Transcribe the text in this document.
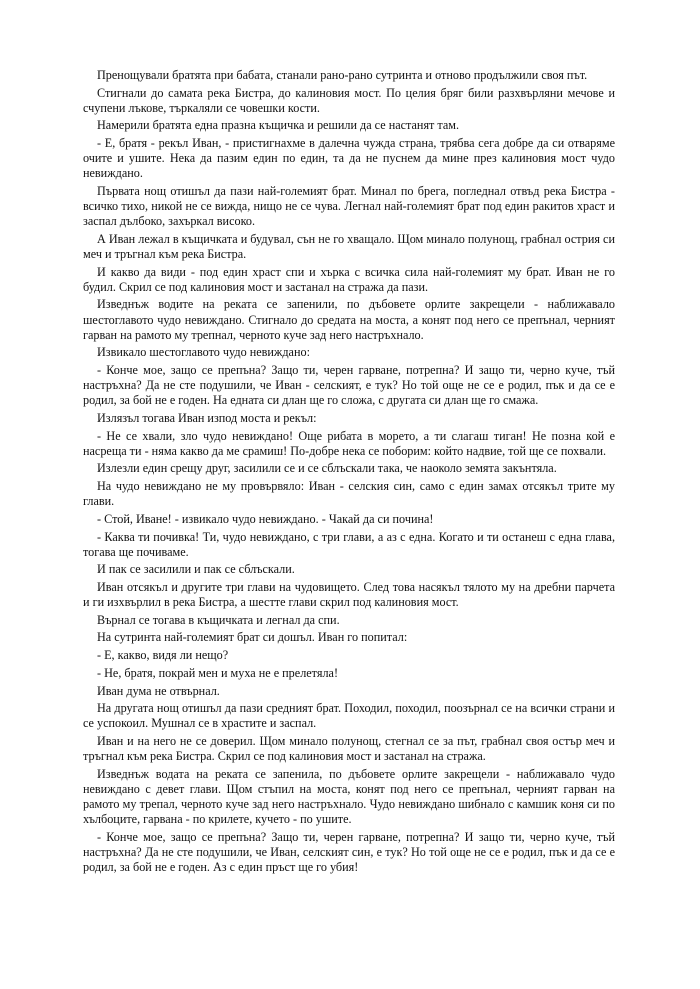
Пренощували братята при бабата, станали рано-рано сутринта и отново продължили своя път.

Стигнали до самата река Бистра, до калиновия мост. По целия бряг били разхвърляни мечове и счупени лъкове, търкаляли се човешки кости.

Намерили братята една празна къщичка и решили да се настанят там.

- Е, братя - рекъл Иван, - пристигнахме в далечна чужда страна, трябва сега добре да си отваряме очите и ушите. Нека да пазим един по един, та да не пуснем да мине през калиновия мост чудо невиждано.

Първата нощ отишъл да пази най-големият брат. Минал по брега, погледнал отвъд река Бистра - всичко тихо, никой не се вижда, нищо не се чува. Легнал най-големият брат под един ракитов храст и заспал дълбоко, захъркал високо.

А Иван лежал в къщичката и будувал, сън не го хващало. Щом минало полунощ, грабнал острия си меч и тръгнал към река Бистра.

И какво да види - под един храст спи и хърка с всичка сила най-големият му брат. Иван не го будил. Скрил се под калиновия мост и застанал на стража да пази.

Изведнъж водите на реката се запенили, по дъбовете орлите закрещели - наближавало шестоглавото чудо невиждано. Стигнало до средата на моста, а конят под него се препънал, черният гарван на рамото му трепнал, черното куче зад него настръхнало.

Извикало шестоглавото чудо невиждано:

- Конче мое, защо се препъна? Защо ти, черен гарване, потрепна? И защо ти, черно куче, тъй настръхна? Да не сте подушили, че Иван - селският, е тук? Но той още не се е родил, пък и да се е родил, за бой не е годен. На едната си длан ще го сложа, с другата си длан ще го смажа.

Излязъл тогава Иван изпод моста и рекъл:

- Не се хвали, зло чудо невиждано! Още рибата в морето, а ти слагаш тиган! Не позна кой е насреща ти - няма какво да ме срамиш! По-добре нека се поборим: който надвие, той ще се похвали.

Излезли един срещу друг, засилили се и се сблъскали така, че наоколо земята закънтяла.

На чудо невиждано не му провървяло: Иван - селския син, само с един замах отсякъл трите му глави.

- Стой, Иване! - извикало чудо невиждано. - Чакай да си почина!

- Каква ти почивка! Ти, чудо невиждано, с три глави, а аз с една. Когато и ти останеш с една глава, тогава ще почиваме.

И пак се засилили и пак се сблъскали.

Иван отсякъл и другите три глави на чудовището. След това насякъл тялото му на дребни парчета и ги изхвърлил в река Бистра, а шестте глави скрил под калиновия мост.

Върнал се тогава в къщичката и легнал да спи.

На сутринта най-големият брат си дошъл. Иван го попитал:

- Е, какво, видя ли нещо?

- Не, братя, покрай мен и муха не е прелетяла!

Иван дума не отвърнал.

На другата нощ отишъл да пази средният брат. Походил, походил, поозърнал се на всички страни и се успокоил. Мушнал се в храстите и заспал.

Иван и на него не се доверил. Щом минало полунощ, стегнал се за път, грабнал своя остър меч и тръгнал към река Бистра. Скрил се под калиновия мост и застанал на стража.

Изведнъж водата на реката се запенила, по дъбовете орлите закрещели - наближавало чудо невиждано с девет глави. Щом стъпил на моста, конят под него се препънал, черният гарван на рамото му трепал, черното куче зад него настръхнало. Чудо невиждано шибнало с камшик коня си по хълбоците, гарвана - по крилете, кучето - по ушите.

- Конче мое, защо се препъна? Защо ти, черен гарване, потрепна? И защо ти, черно куче, тъй настръхна? Да не сте подушили, че Иван, селският син, е тук? Но той още не се е родил, пък и да се е родил, за бой не е годен. Аз с един пръст ще го убия!
